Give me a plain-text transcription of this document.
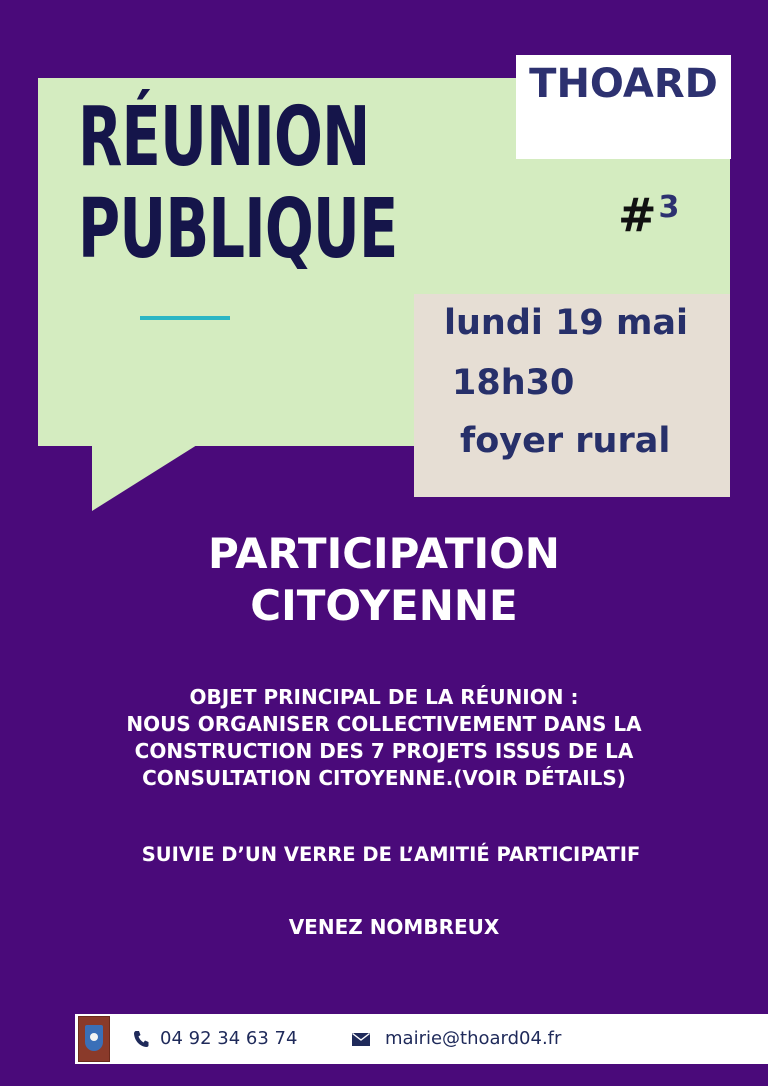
RÉUNION
PUBLIQUE
THOARD
#$^3$
lundi 19 mai
18h30
foyer rural
PARTICIPATION
CITOYENNE
OBJET PRINCIPAL DE LA RÉUNION :
NOUS ORGANISER COLLECTIVEMENT DANS LA
CONSTRUCTION DES 7 PROJETS ISSUS DE LA
CONSULTATION CITOYENNE.(VOIR DÉTAILS)
SUIVIE D’UN VERRE DE L’AMITIÉ PARTICIPATIF
VENEZ NOMBREUX
04 92 34 63 74	mairie@thoard04.fr
